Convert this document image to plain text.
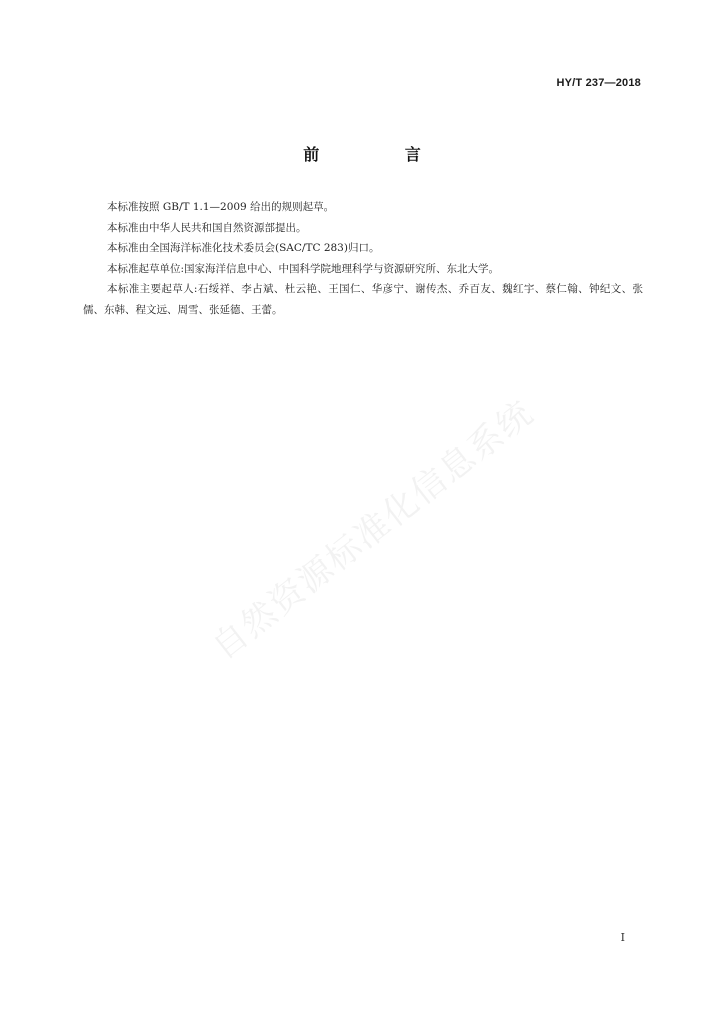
HY/T 237—2018
前 言

本标准按照 GB/T 1.1—2009 给出的规则起草。

本标准由中华人民共和国自然资源部提出。

本标准由全国海洋标准化技术委员会(SAC/TC 283)归口。

本标准起草单位:国家海洋信息中心、中国科学院地理科学与资源研究所、东北大学。

本标准主要起草人:石绥祥、李占斌、杜云艳、王国仁、华彦宁、谢传杰、乔百友、魏红宇、蔡仁翰、钟纪文、张儒、东韩、程文远、周雪、张延德、王蕾。

自然资源标准化信息系统
I
